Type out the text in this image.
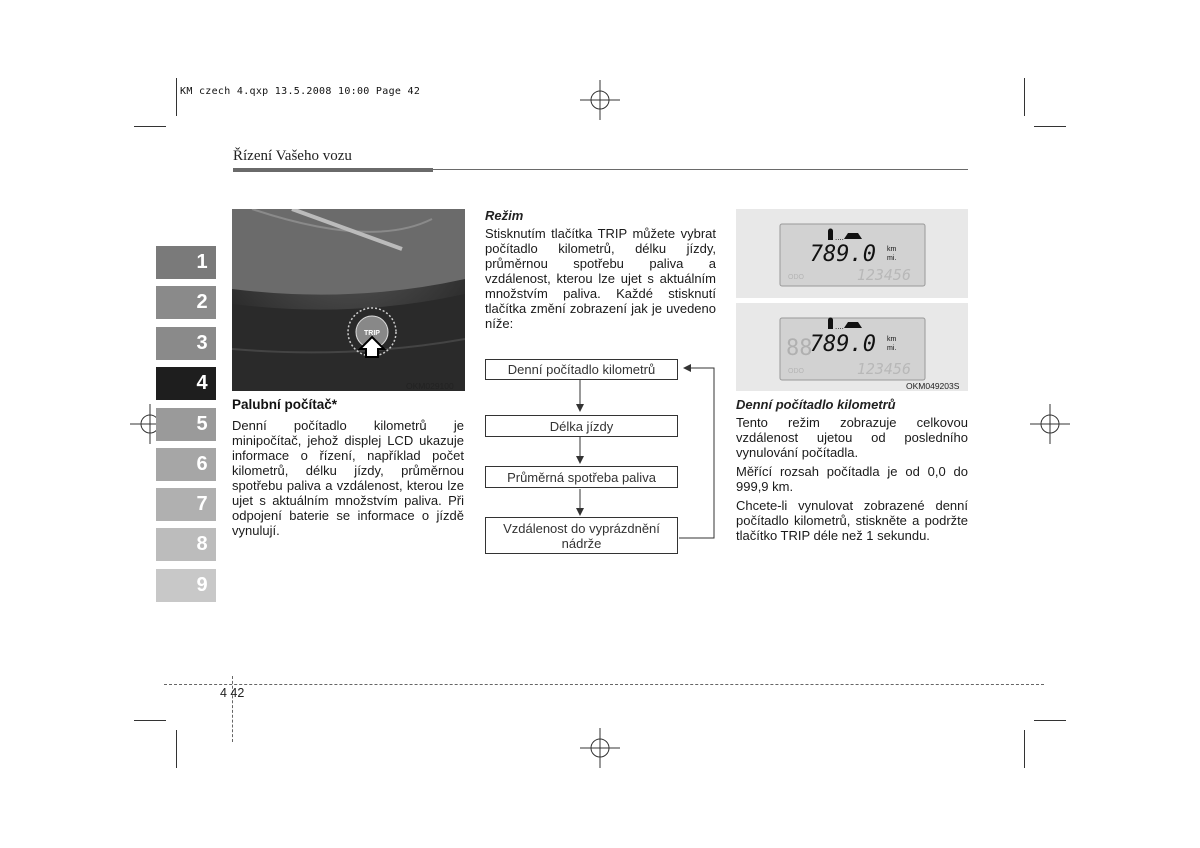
KM czech 4.qxp 13.5.2008 10:00 Page 42
Řízení Vašeho vozu
1
2
3
4
5
6
7
8
9
TRIP
OKM029100
Palubní počítač*
Denní počítadlo kilometrů je minipočítač, jehož displej LCD ukazuje informace o řízení, například počet kilometrů, délku jízdy, průměrnou spotřebu paliva a vzdálenost, kterou lze ujet s aktuálním množstvím paliva. Při odpojení baterie se informace o jízdě vynulují.
Režim
Stisknutím tlačítka TRIP můžete vybrat počítadlo kilometrů, délku jízdy, průměrnou spotřebu paliva a vzdálenost, kterou lze ujet s aktuálním množstvím paliva. Každé stisknutí tlačítka změní zobrazení jak je uvedeno níže:
Denní počítadlo kilometrů
Délka jízdy
Průměrná spotřeba paliva
Vzdálenost do vyprázdnění nádrže
....
789.0 km
mi.
ODO	123456
88
....
789.0 km
mi.
ODO	123456
OKM049203S
Denní počítadlo kilometrů
Tento režim zobrazuje celkovou vzdálenost ujetou od posledního vynulování počítadla.
Měřící rozsah počítadla je od 0,0 do 999,9 km.
Chcete-li vynulovat zobrazené denní počítadlo kilometrů, stiskněte a podržte tlačítko TRIP déle než 1 sekundu.
4 42
